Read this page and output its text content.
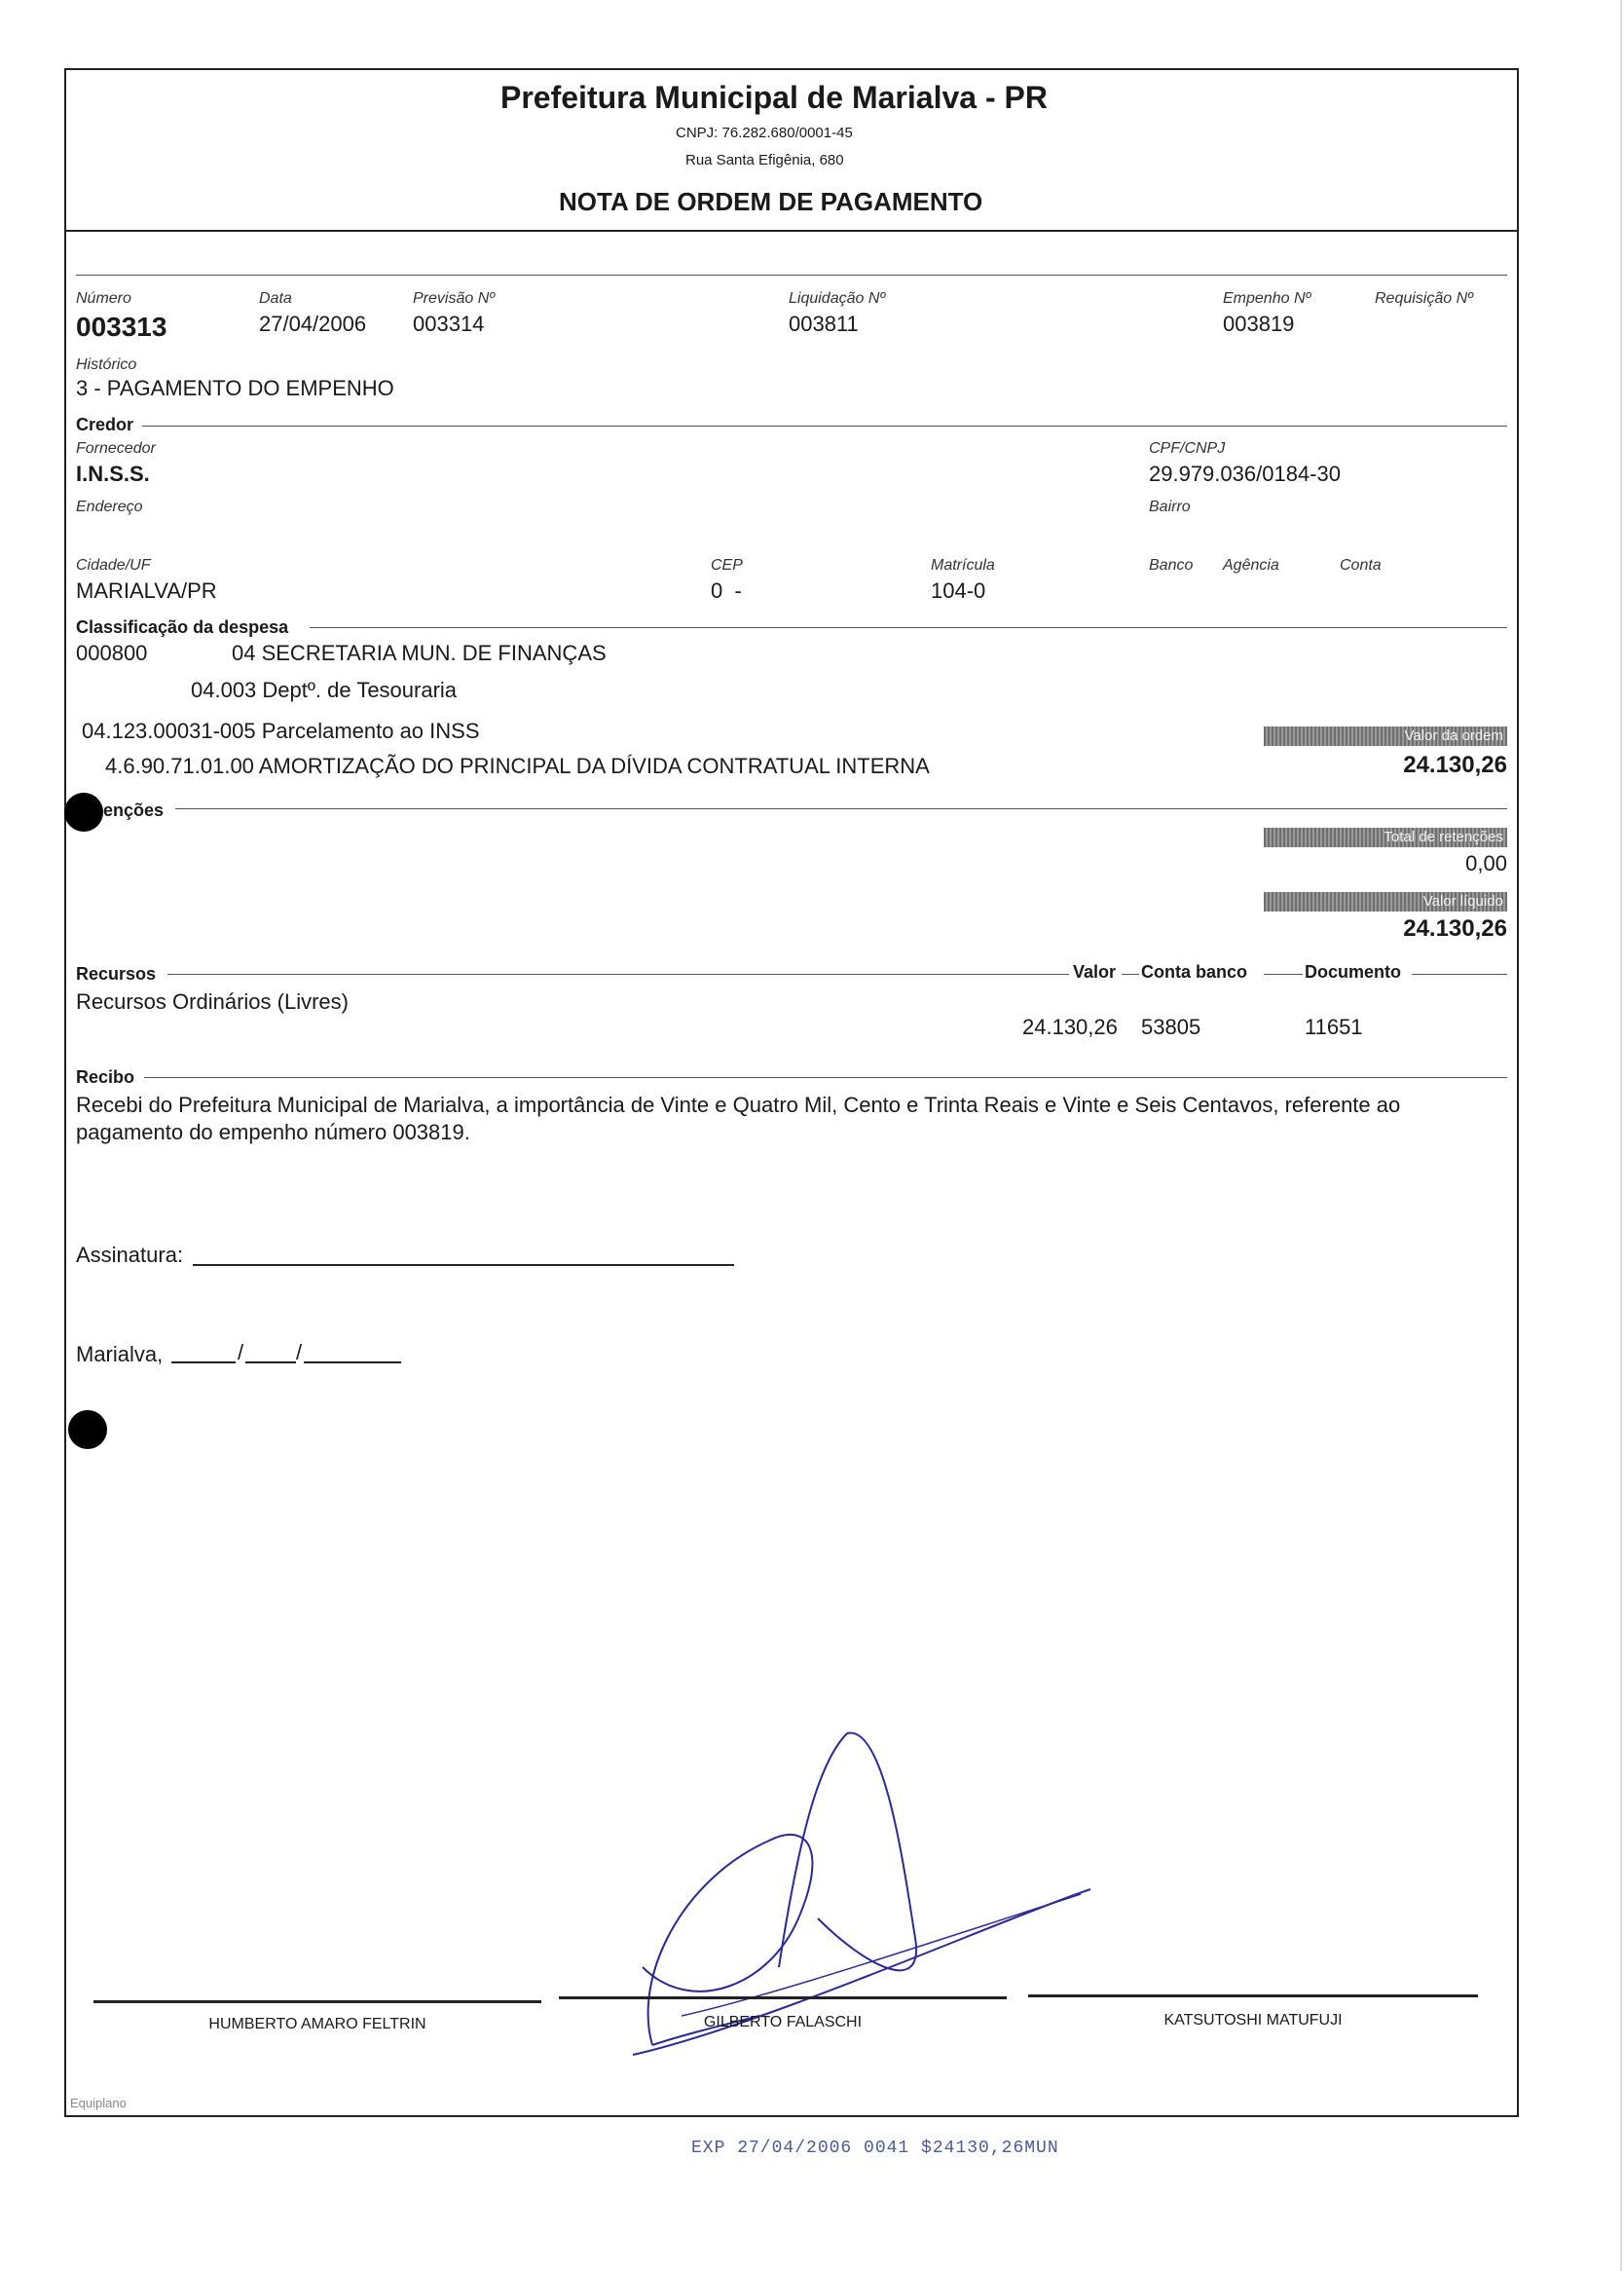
Prefeitura Municipal de Marialva - PR
CNPJ: 76.282.680/0001-45
Rua Santa Efigênia, 680
NOTA DE ORDEM DE PAGAMENTO
Número
003313
Data
27/04/2006
Previsão Nº
003314
Liquidação Nº
003811
Empenho Nº
003819
Requisição Nº
Histórico
3 - PAGAMENTO DO EMPENHO
Credor
Fornecedor
I.N.S.S.
CPF/CNPJ
29.979.036/0184-30
Endereço	Bairro
Cidade/UF
MARIALVA/PR
CEP
0  -
Matrícula
104-0
Banco Agência	Conta
Classificação da despesa
000800	04 SECRETARIA MUN. DE FINANÇAS
04.003 Deptº. de Tesouraria
04.123.00031-005 Parcelamento ao INSS
4.6.90.71.01.00 AMORTIZAÇÃO DO PRINCIPAL DA DÍVIDA CONTRATUAL INTERNA
Valor da ordem
24.130,26
enções
Total de retenções
0,00
Valor líquido
24.130,26
Recursos	Valor Conta banco	Documento
Recursos Ordinários (Livres)
24.130,26 53805	11651
Recibo
Recebi do Prefeitura Municipal de Marialva, a importância de Vinte e Quatro Mil, Cento e Trinta Reais e Vinte e Seis Centavos, referente ao
pagamento do empenho número 003819.
Assinatura:
Marialva,	/ /
HUMBERTO AMARO FELTRIN	GILBERTO FALASCHI	KATSUTOSHI MATUFUJI
Equiplano
EXP 27/04/2006 0041 $24130,26MUN
